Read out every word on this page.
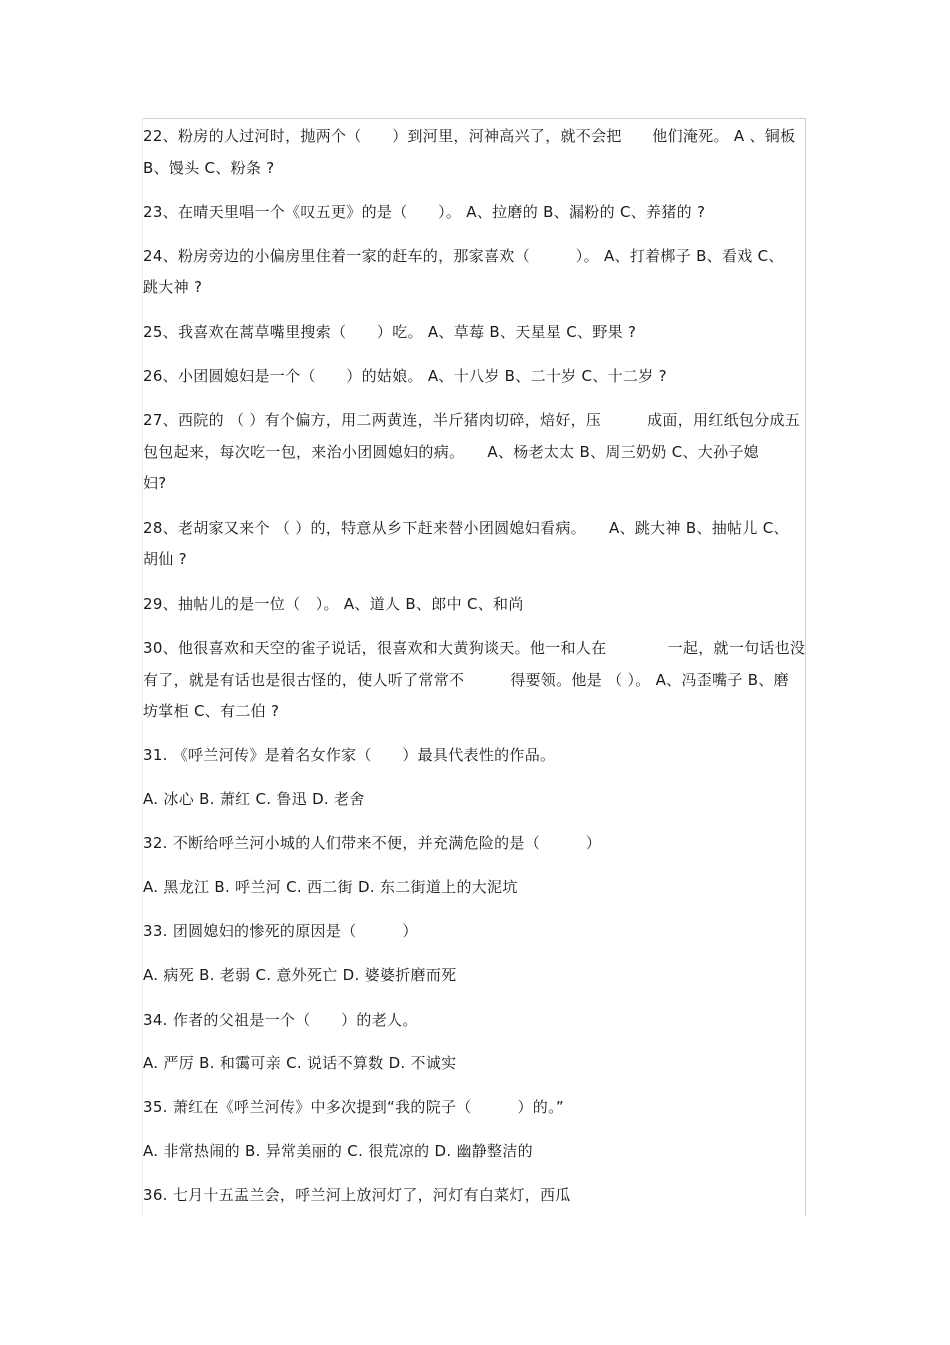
22、粉房的人过河时，抛两个（　　）到河里，河神高兴了，就不会把　　他们淹死。 A 、铜板
B、馒头 C、粉条 ?
23、在晴天里唱一个《叹五更》的是（　　）。 A、拉磨的 B、漏粉的 C、养猪的 ?
24、粉房旁边的小偏房里住着一家的赶车的，那家喜欢（　　　）。 A、打着梆子 B、看戏 C、
跳大神 ?
25、我喜欢在蒿草嘴里搜索（　　）吃。 A、草莓 B、天星星 C、野果 ?
26、小团圆媳妇是一个（　　）的姑娘。 A、十八岁 B、二十岁 C、十二岁 ?
27、西院的 （ ）有个偏方，用二两黄连，半斤猪肉切碎，焙好，压　　　成面，用红纸包分成五
包包起来，每次吃一包，来治小团圆媳妇的病。　　A、杨老太太 B、周三奶奶 C、大孙子媳
妇?
28、老胡家又来个 （ ）的，特意从乡下赶来替小团圆媳妇看病。　　A、跳大神 B、抽帖儿 C、
胡仙 ?
29、抽帖儿的是一位（　）。 A、道人 B、郎中 C、和尚
30、他很喜欢和天空的雀子说话，很喜欢和大黄狗谈天。他一和人在　　　　一起，就一句话也没
有了，就是有话也是很古怪的，使人听了常常不　　　得要领。他是 （ ）。 A、冯歪嘴子 B、磨
坊掌柜 C、有二伯 ?
31. 《呼兰河传》是着名女作家（　　）最具代表性的作品。
A. 冰心 B. 萧红 C. 鲁迅 D. 老舍
32. 不断给呼兰河小城的人们带来不便，并充满危险的是（　　　）
A. 黑龙江 B. 呼兰河 C. 西二街 D. 东二街道上的大泥坑
33. 团圆媳妇的惨死的原因是（　　　）
A. 病死 B. 老弱 C. 意外死亡 D. 婆婆折磨而死
34. 作者的父祖是一个（　　）的老人。
A. 严厉 B. 和霭可亲 C. 说话不算数 D. 不诚实
35. 萧红在《呼兰河传》中多次提到“我的院子（　　　）的。”
A. 非常热闹的 B. 异常美丽的 C. 很荒凉的 D. 幽静整洁的
36. 七月十五盂兰会，呼兰河上放河灯了，河灯有白菜灯，西瓜
